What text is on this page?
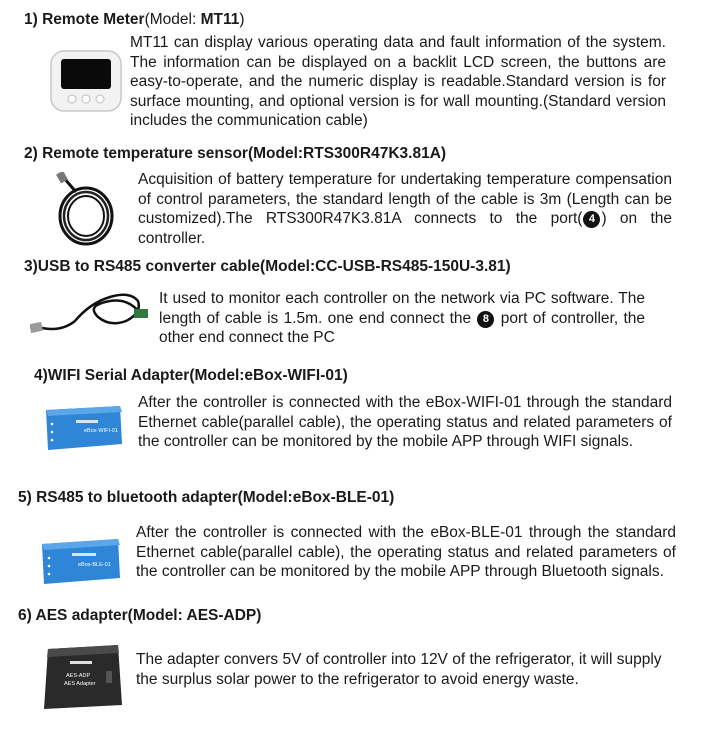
1) Remote Meter(Model: MT11)
MT11 can display various operating data and fault information of the system. The information can be displayed on a backlit LCD screen, the buttons are easy-to-operate, and the numeric display is readable.Standard version is for surface mounting, and optional version is for wall mounting.(Standard version includes the communication cable)
2) Remote temperature sensor(Model:RTS300R47K3.81A)
Acquisition of battery temperature for undertaking temperature compensation of control parameters, the standard length of the cable is 3m (Length can be customized).The RTS300R47K3.81A connects to the port( 4 ) on the controller.
3)USB to RS485 converter cable(Model:CC-USB-RS485-150U-3.81)
It used to monitor each controller on the network via PC software. The length of cable is 1.5m. one end connect the 8 port of controller, the other end connect the PC
4)WIFI Serial Adapter(Model:eBox-WIFI-01)
eBox-WIFI-01
After the controller is connected with the eBox-WIFI-01 through the standard Ethernet cable(parallel cable), the operating status and related parameters of the controller can be monitored by the mobile APP through WIFI signals.
5) RS485 to bluetooth adapter(Model:eBox-BLE-01)
eBox-BLE-01
After the controller is connected with the eBox-BLE-01 through the standard Ethernet cable(parallel cable), the operating status and related parameters of the controller can be monitored by the mobile APP through Bluetooth signals.
6) AES adapter(Model: AES-ADP)
AES-ADP
AES Adapter
The adapter convers 5V of controller into 12V of the refrigerator, it will supply the surplus solar power to the refrigerator to avoid energy waste.
